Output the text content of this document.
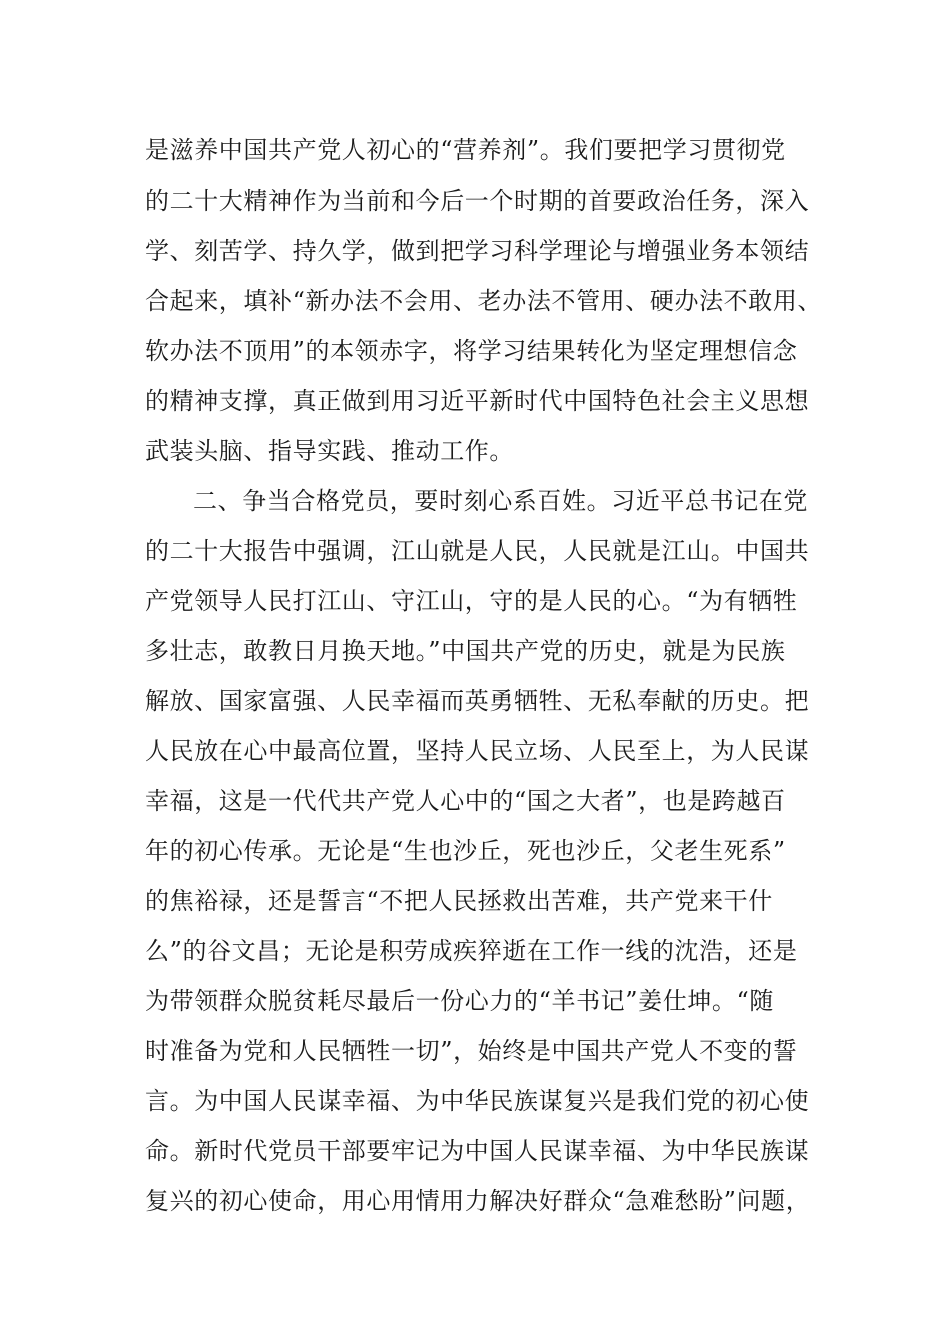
是滋养中国共产党人初心的“营养剂”。我们要把学习贯彻党
的二十大精神作为当前和今后一个时期的首要政治任务，深入
学、刻苦学、持久学，做到把学习科学理论与增强业务本领结
合起来，填补“新办法不会用、老办法不管用、硬办法不敢用、
软办法不顶用”的本领赤字，将学习结果转化为坚定理想信念
的精神支撑，真正做到用习近平新时代中国特色社会主义思想
武装头脑、指导实践、推动工作。
二、争当合格党员，要时刻心系百姓。习近平总书记在党
的二十大报告中强调，江山就是人民，人民就是江山。中国共
产党领导人民打江山、守江山，守的是人民的心。“为有牺牲
多壮志，敢教日月换天地。”中国共产党的历史，就是为民族
解放、国家富强、人民幸福而英勇牺牲、无私奉献的历史。把
人民放在心中最高位置，坚持人民立场、人民至上，为人民谋
幸福，这是一代代共产党人心中的“国之大者”，也是跨越百
年的初心传承。无论是“生也沙丘，死也沙丘，父老生死系”
的焦裕禄，还是誓言“不把人民拯救出苦难，共产党来干什
么”的谷文昌；无论是积劳成疾猝逝在工作一线的沈浩，还是
为带领群众脱贫耗尽最后一份心力的“羊书记”姜仕坤。“随
时准备为党和人民牺牲一切”，始终是中国共产党人不变的誓
言。为中国人民谋幸福、为中华民族谋复兴是我们党的初心使
命。新时代党员干部要牢记为中国人民谋幸福、为中华民族谋
复兴的初心使命，用心用情用力解决好群众“急难愁盼”问题，
